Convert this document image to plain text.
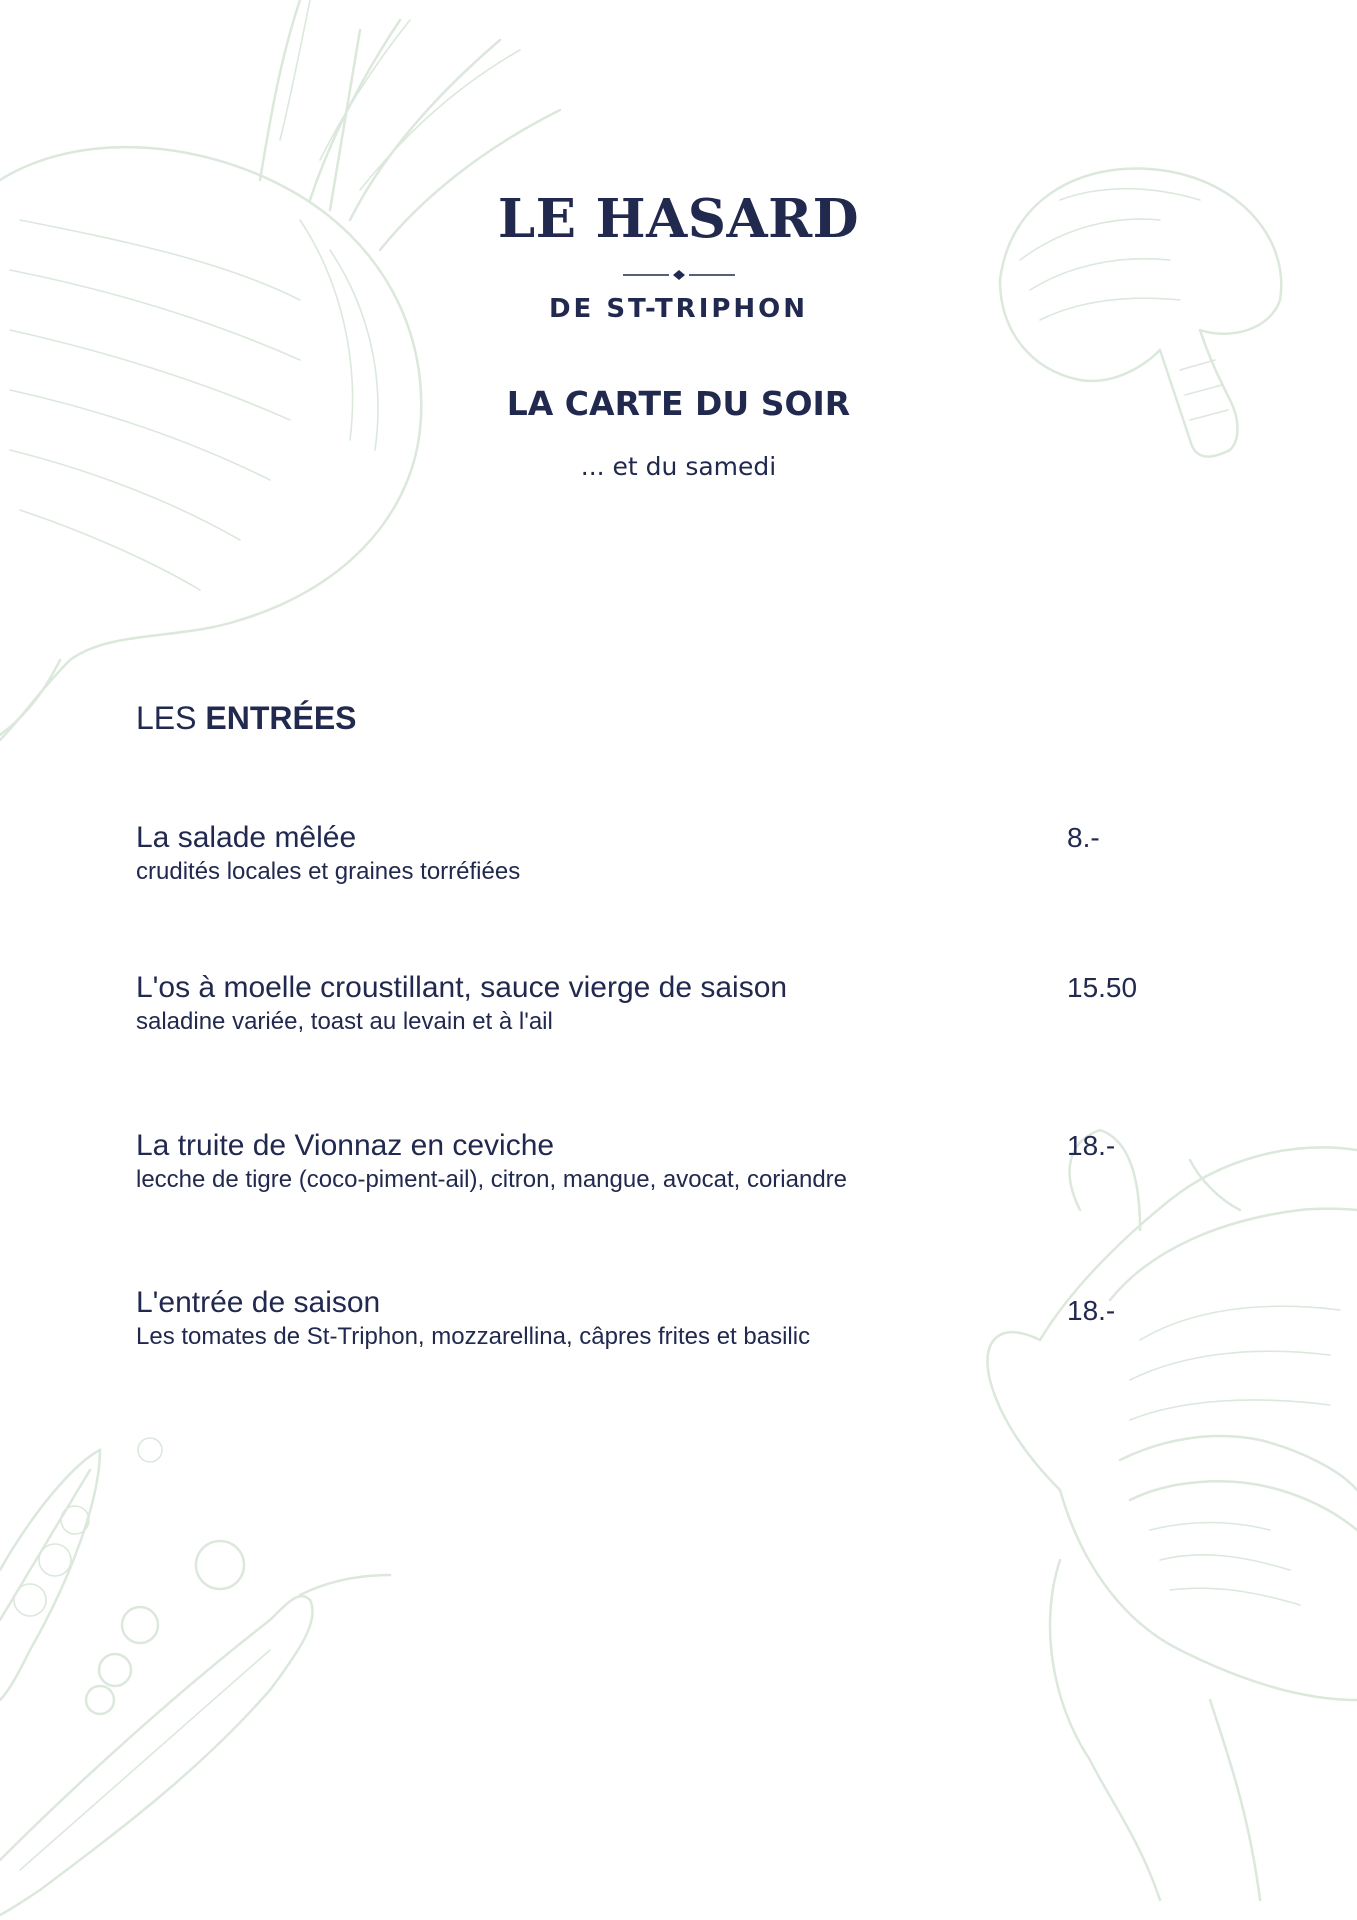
LE HASARD
DE ST-TRIPHON
LA CARTE DU SOIR
... et du samedi
LES ENTRÉES
La salade mêlée
crudités locales et graines torréfiées
8.-
L'os à moelle croustillant, sauce vierge de saison
saladine variée, toast au levain et à l'ail
15.50
La truite de Vionnaz en ceviche
lecche de tigre (coco-piment-ail), citron, mangue, avocat, coriandre
18.-
L'entrée de saison
Les tomates de St-Triphon, mozzarellina, câpres frites et basilic
18.-
